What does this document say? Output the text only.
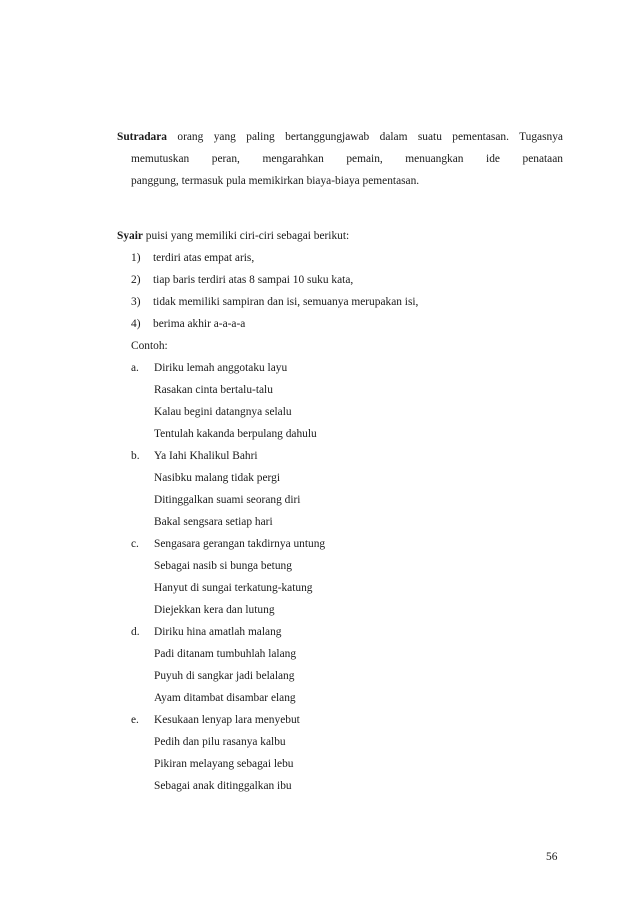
Sutradara orang yang paling bertanggungjawab dalam suatu pementasan. Tugasnya
memutuskan peran, mengarahkan pemain, menuangkan ide penataan
panggung, termasuk pula memikirkan biaya-biaya pementasan.
Syair puisi yang memiliki ciri-ciri sebagai berikut:
1) terdiri atas empat aris,
2) tiap baris terdiri atas 8 sampai 10 suku kata,
3) tidak memiliki sampiran dan isi, semuanya merupakan isi,
4) berima akhir a-a-a-a
Contoh:
a. Diriku lemah anggotaku layu
Rasakan cinta bertalu-talu
Kalau begini datangnya selalu
Tentulah kakanda berpulang dahulu
b. Ya Iahi Khalikul Bahri
Nasibku malang tidak pergi
Ditinggalkan suami seorang diri
Bakal sengsara setiap hari
c. Sengasara gerangan takdirnya untung
Sebagai nasib si bunga betung
Hanyut di sungai terkatung-katung
Diejekkan kera dan lutung
d. Diriku hina amatlah malang
Padi ditanam tumbuhlah lalang
Puyuh di sangkar jadi belalang
Ayam ditambat disambar elang
e. Kesukaan lenyap lara menyebut
Pedih dan pilu rasanya kalbu
Pikiran melayang sebagai lebu
Sebagai anak ditinggalkan ibu
56
